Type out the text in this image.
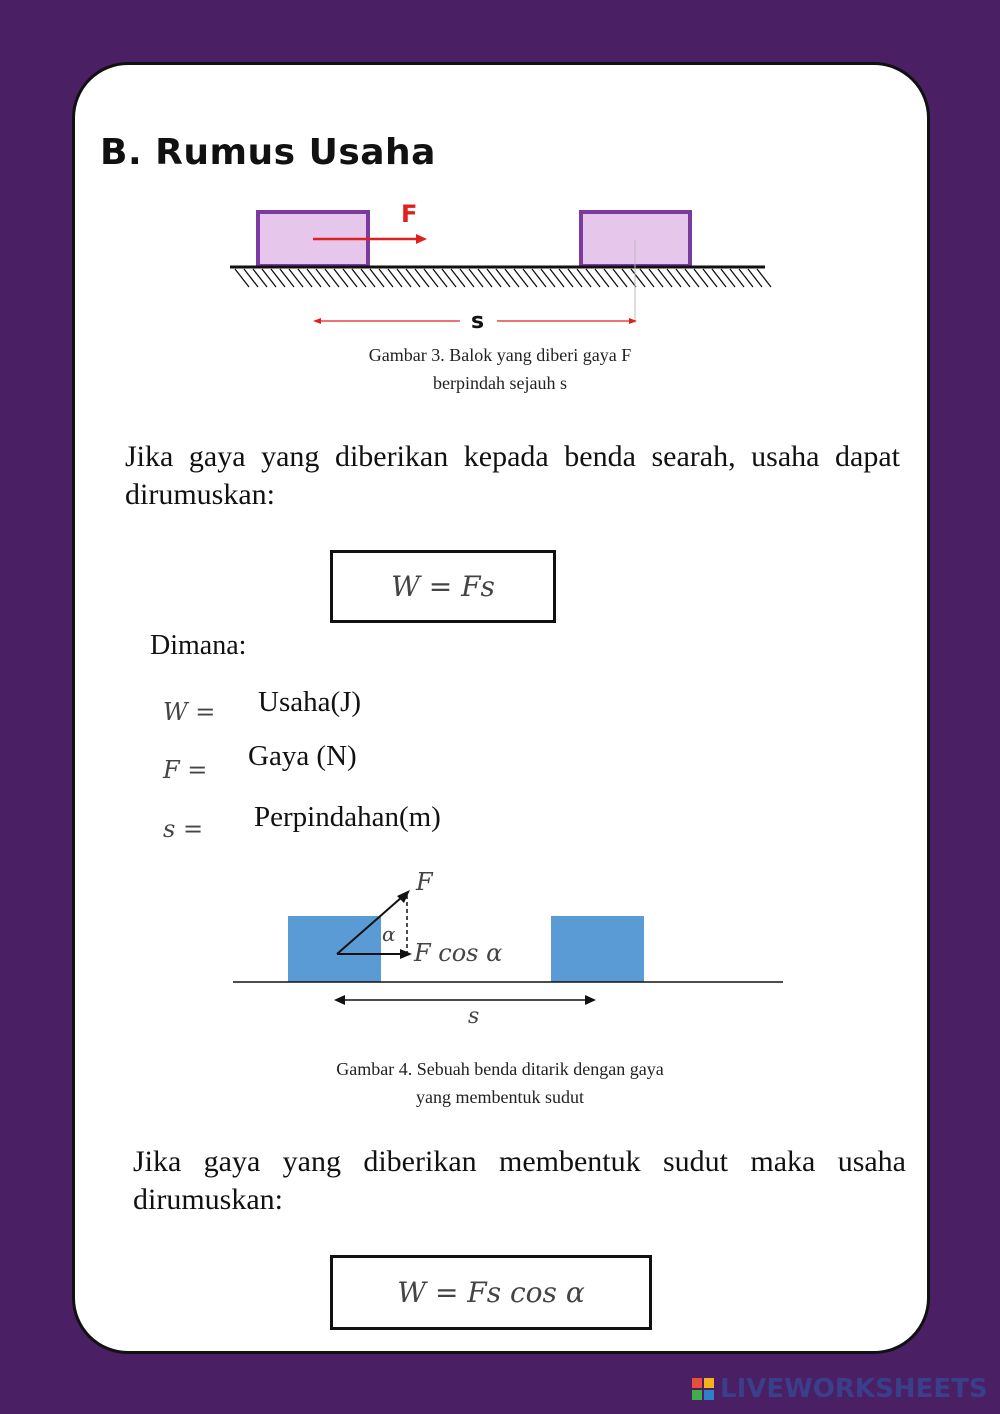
B. Rumus Usaha
F
s
Gambar 3. Balok yang diberi gaya F
berpindah sejauh s
Jika gaya yang diberikan kepada benda searah, usaha dapat dirumuskan:
W = Fs
Dimana:
W = Usaha(J)
F = Gaya (N)
s = Perpindahan(m)
F
α
F cos α
s
Gambar 4. Sebuah benda ditarik dengan gaya
yang membentuk sudut
Jika gaya yang diberikan membentuk sudut maka usaha dirumuskan:
W = Fs cos α
LIVEWORKSHEETS
